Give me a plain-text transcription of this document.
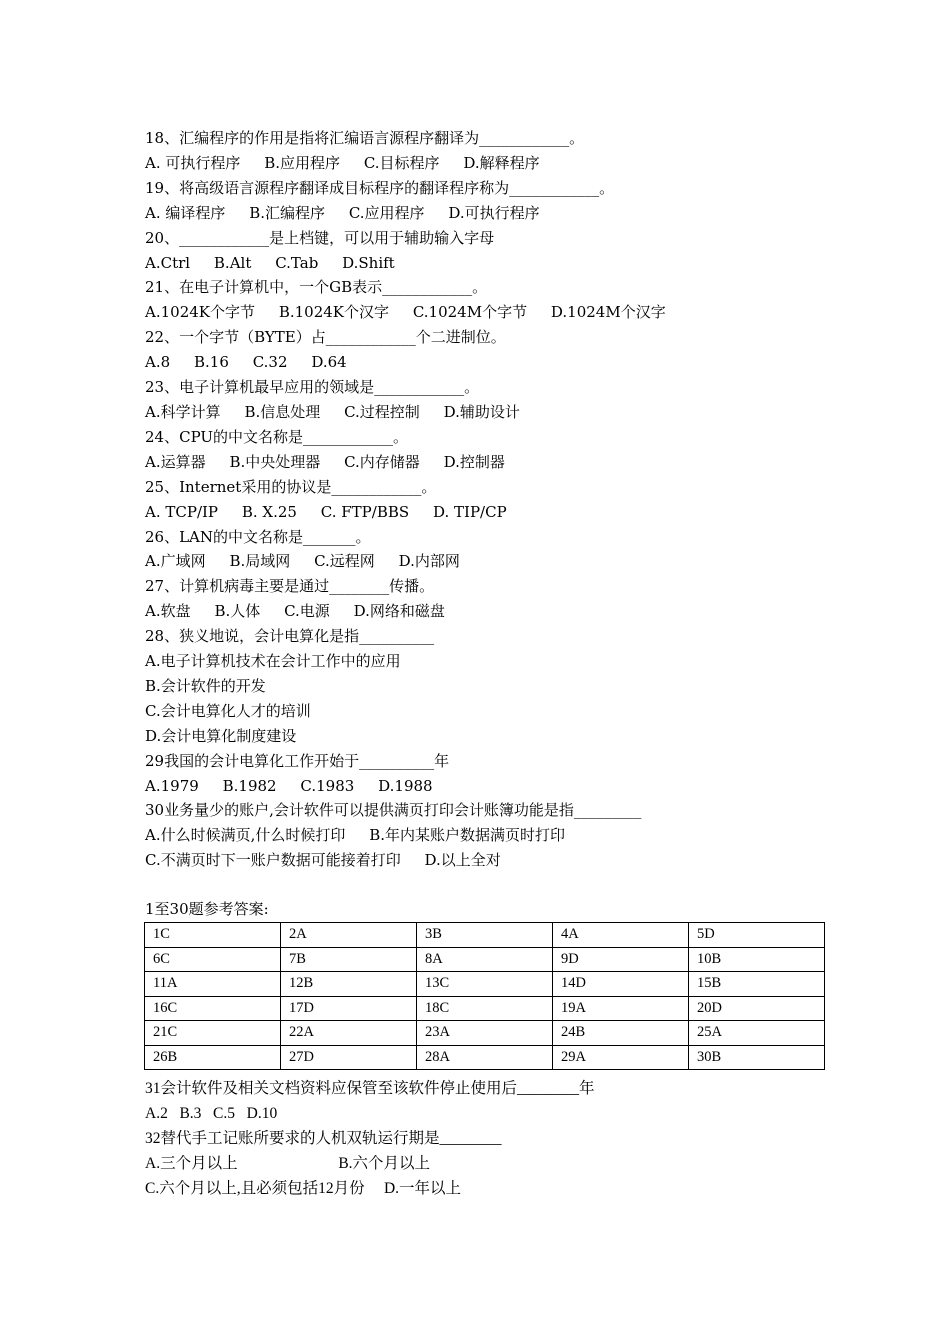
18、汇编程序的作用是指将汇编语言源程序翻译为____________。
A. 可执行程序     B.应用程序     C.目标程序     D.解释程序
19、将高级语言源程序翻译成目标程序的翻译程序称为____________。
A. 编译程序     B.汇编程序     C.应用程序     D.可执行程序
20、____________是上档键，可以用于辅助输入字母
A.Ctrl     B.Alt     C.Tab     D.Shift
21、在电子计算机中，一个GB表示____________。
A.1024K个字节     B.1024K个汉字     C.1024M个字节     D.1024M个汉字
22、一个字节（BYTE）占____________个二进制位。
A.8     B.16     C.32     D.64
23、电子计算机最早应用的领域是____________。
A.科学计算     B.信息处理     C.过程控制     D.辅助设计
24、CPU的中文名称是____________。
A.运算器     B.中央处理器     C.内存储器     D.控制器
25、Internet采用的协议是____________。
A. TCP/IP     B. X.25     C. FTP/BBS     D. TIP/CP
26、LAN的中文名称是_______。
A.广域网     B.局域网     C.远程网     D.内部网
27、计算机病毒主要是通过________传播。
A.软盘     B.人体     C.电源     D.网络和磁盘
28、狭义地说，会计电算化是指__________
A.电子计算机技术在会计工作中的应用
B.会计软件的开发
C.会计电算化人才的培训
D.会计电算化制度建设
29我国的会计电算化工作开始于__________年
A.1979     B.1982     C.1983     D.1988
30业务量少的账户,会计软件可以提供满页打印会计账簿功能是指_________
A.什么时候满页,什么时候打印     B.年内某账户数据满页时打印
C.不满页时下一账户数据可能接着打印     D.以上全对
1至30题参考答案:
1C	2A	3B	4A	5D
6C	7B	8A	9D	10B
11A	12B	13C	14D	15B
16C	17D	18C	19A	20D
21C	22A	23A	24B	25A
26B	27D	28A	29A	30B
31会计软件及相关文档资料应保管至该软件停止使用后________年
A.2   B.3   C.5   D.10
32替代手工记账所要求的人机双轨运行期是________
A.三个月以上                          B.六个月以上
C.六个月以上,且必须包括12月份     D.一年以上
